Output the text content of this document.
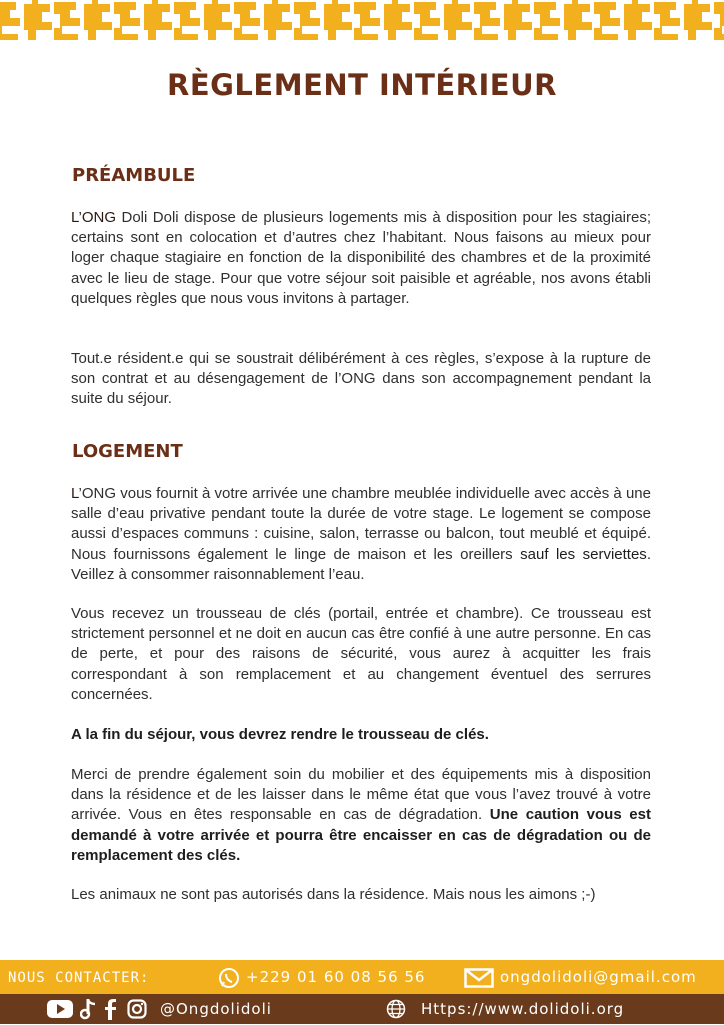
RÈGLEMENT INTÉRIEUR
PRÉAMBULE

L’ONG Doli Doli dispose de plusieurs logements mis à disposition pour les stagiaires; certains sont en colocation et d’autres chez l’habitant. Nous faisons au mieux pour loger chaque stagiaire en fonction de la disponibilité des chambres et de la proximité avec le lieu de stage. Pour que votre séjour soit paisible et agréable, nos avons établi quelques règles que nous vous invitons à partager.

Tout.e résident.e qui se soustrait délibérément à ces règles, s’expose à la rupture de son contrat et au désengagement de l’ONG dans son accompagnement pendant la suite du séjour.

LOGEMENT

L’ONG vous fournit à votre arrivée une chambre meublée individuelle avec accès à une salle d’eau privative pendant toute la durée de votre stage. Le logement se compose aussi d’espaces communs : cuisine, salon, terrasse ou balcon, tout meublé et équipé. Nous fournissons également le linge de maison et les oreillers sauf les serviettes. Veillez à consommer raisonnablement l’eau.

Vous recevez un trousseau de clés (portail, entrée et chambre). Ce trousseau est strictement personnel et ne doit en aucun cas être confié à une autre personne. En cas de perte, et pour des raisons de sécurité, vous aurez à acquitter les frais correspondant à son remplacement et au changement éventuel des serrures concernées.

A la fin du séjour, vous devrez rendre le trousseau de clés.

Merci de prendre également soin du mobilier et des équipements mis à disposition dans la résidence et de les laisser dans le même état que vous l’avez trouvé à votre arrivée. Vous en êtes responsable en cas de dégradation. Une caution vous est demandé à votre arrivée et pourra être encaisser en cas de dégradation ou de remplacement des clés.

Les animaux ne sont pas autorisés dans la résidence. Mais nous les aimons ;-)

NOUS CONTACTER:	+229 01 60 08 56 56	ongdolidoli@gmail.com
@Ongdolidoli	Https://www.dolidoli.org
